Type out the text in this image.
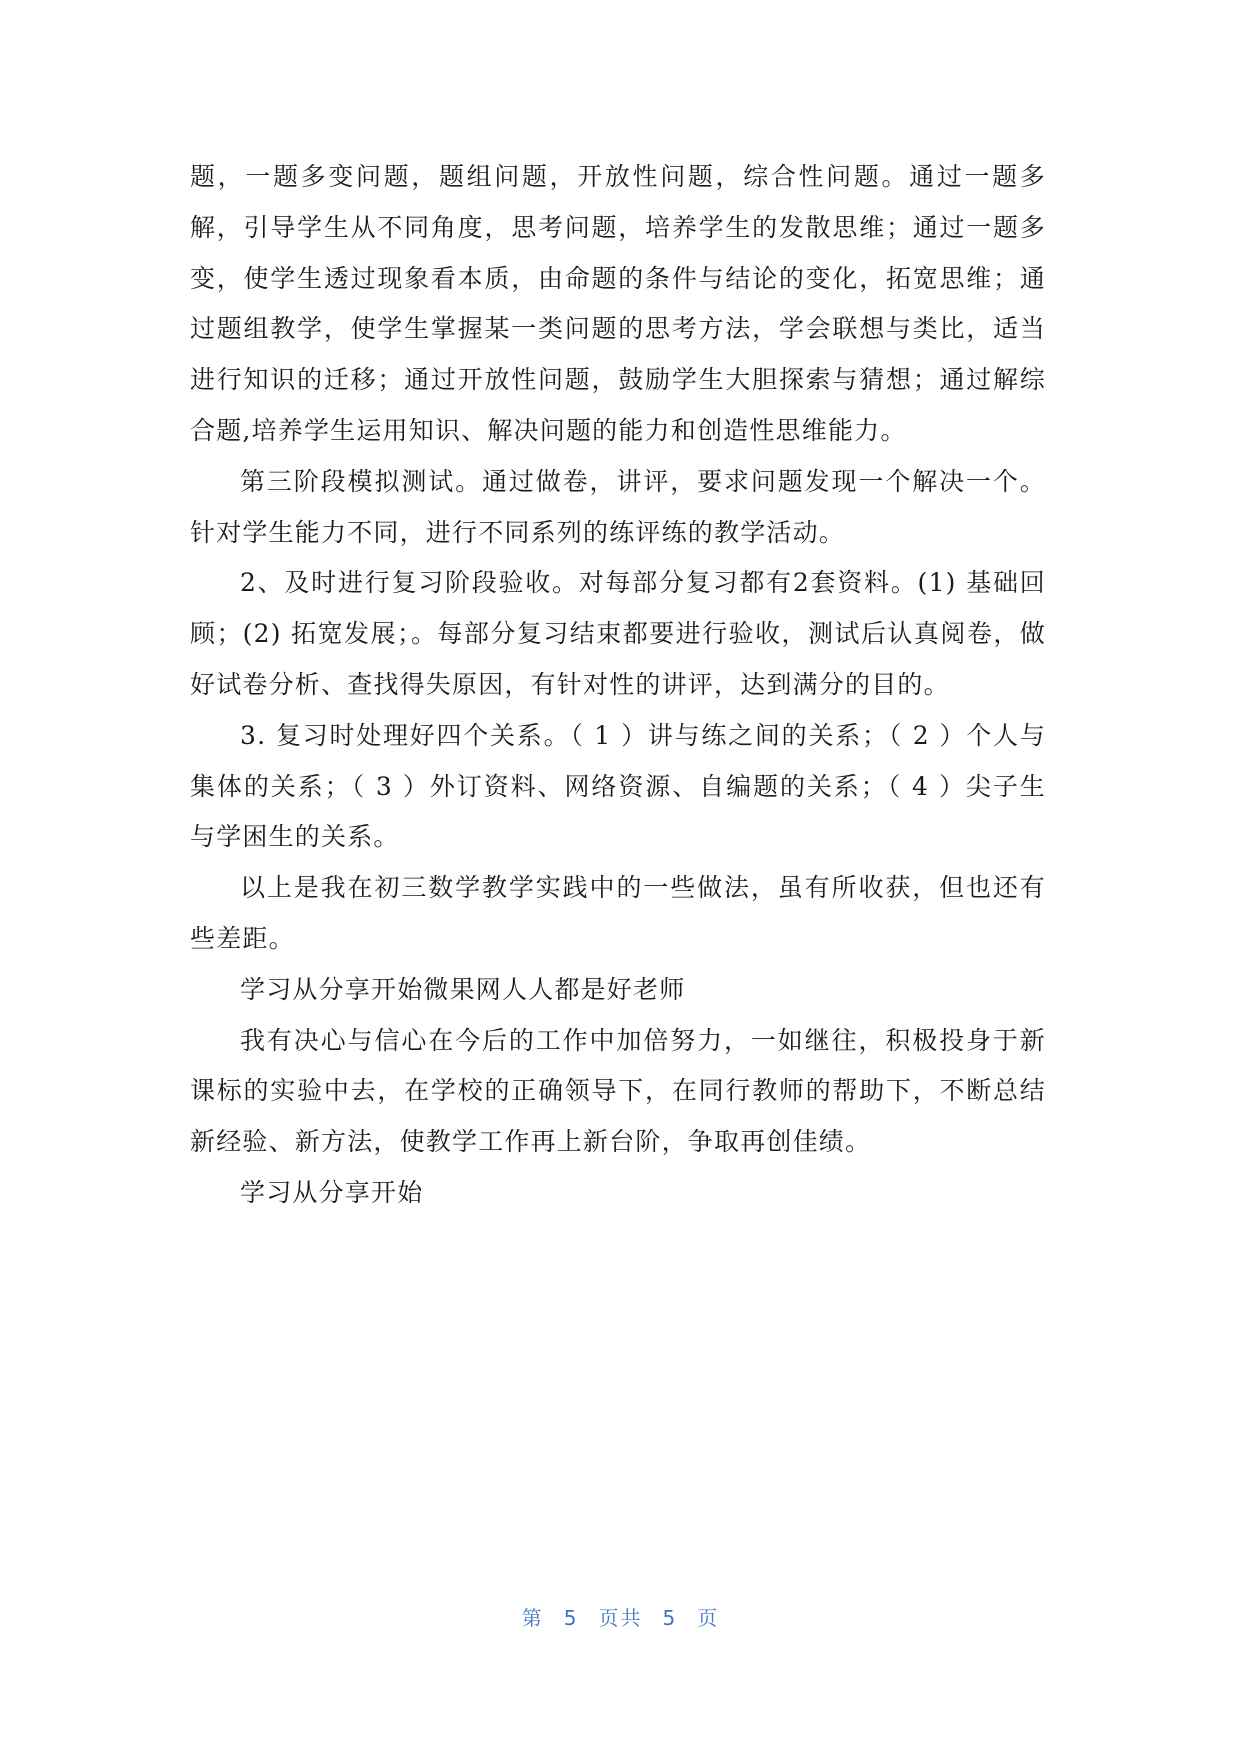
题，一题多变问题，题组问题，开放性问题，综合性问题。通过一题多解，引导学生从不同角度，思考问题，培养学生的发散思维；通过一题多变，使学生透过现象看本质，由命题的条件与结论的变化，拓宽思维；通过题组教学，使学生掌握某一类问题的思考方法，学会联想与类比，适当进行知识的迁移；通过开放性问题，鼓励学生大胆探索与猜想；通过解综合题,培养学生运用知识、解决问题的能力和创造性思维能力。

第三阶段模拟测试。通过做卷，讲评，要求问题发现一个解决一个。针对学生能力不同，进行不同系列的练评练的教学活动。

2、及时进行复习阶段验收。对每部分复习都有2套资料。(1) 基础回顾；(2) 拓宽发展；。每部分复习结束都要进行验收，测试后认真阅卷，做好试卷分析、查找得失原因，有针对性的讲评，达到满分的目的。

3. 复习时处理好四个关系。（ 1 ）讲与练之间的关系；（ 2 ）个人与集体的关系；（ 3 ）外订资料、网络资源、自编题的关系；（ 4 ）尖子生与学困生的关系。

以上是我在初三数学教学实践中的一些做法，虽有所收获，但也还有些差距。

学习从分享开始微果网人人都是好老师

我有决心与信心在今后的工作中加倍努力，一如继往，积极投身于新课标的实验中去，在学校的正确领导下，在同行教师的帮助下，不断总结新经验、新方法，使教学工作再上新台阶，争取再创佳绩。

学习从分享开始

第 5 页共 5 页
